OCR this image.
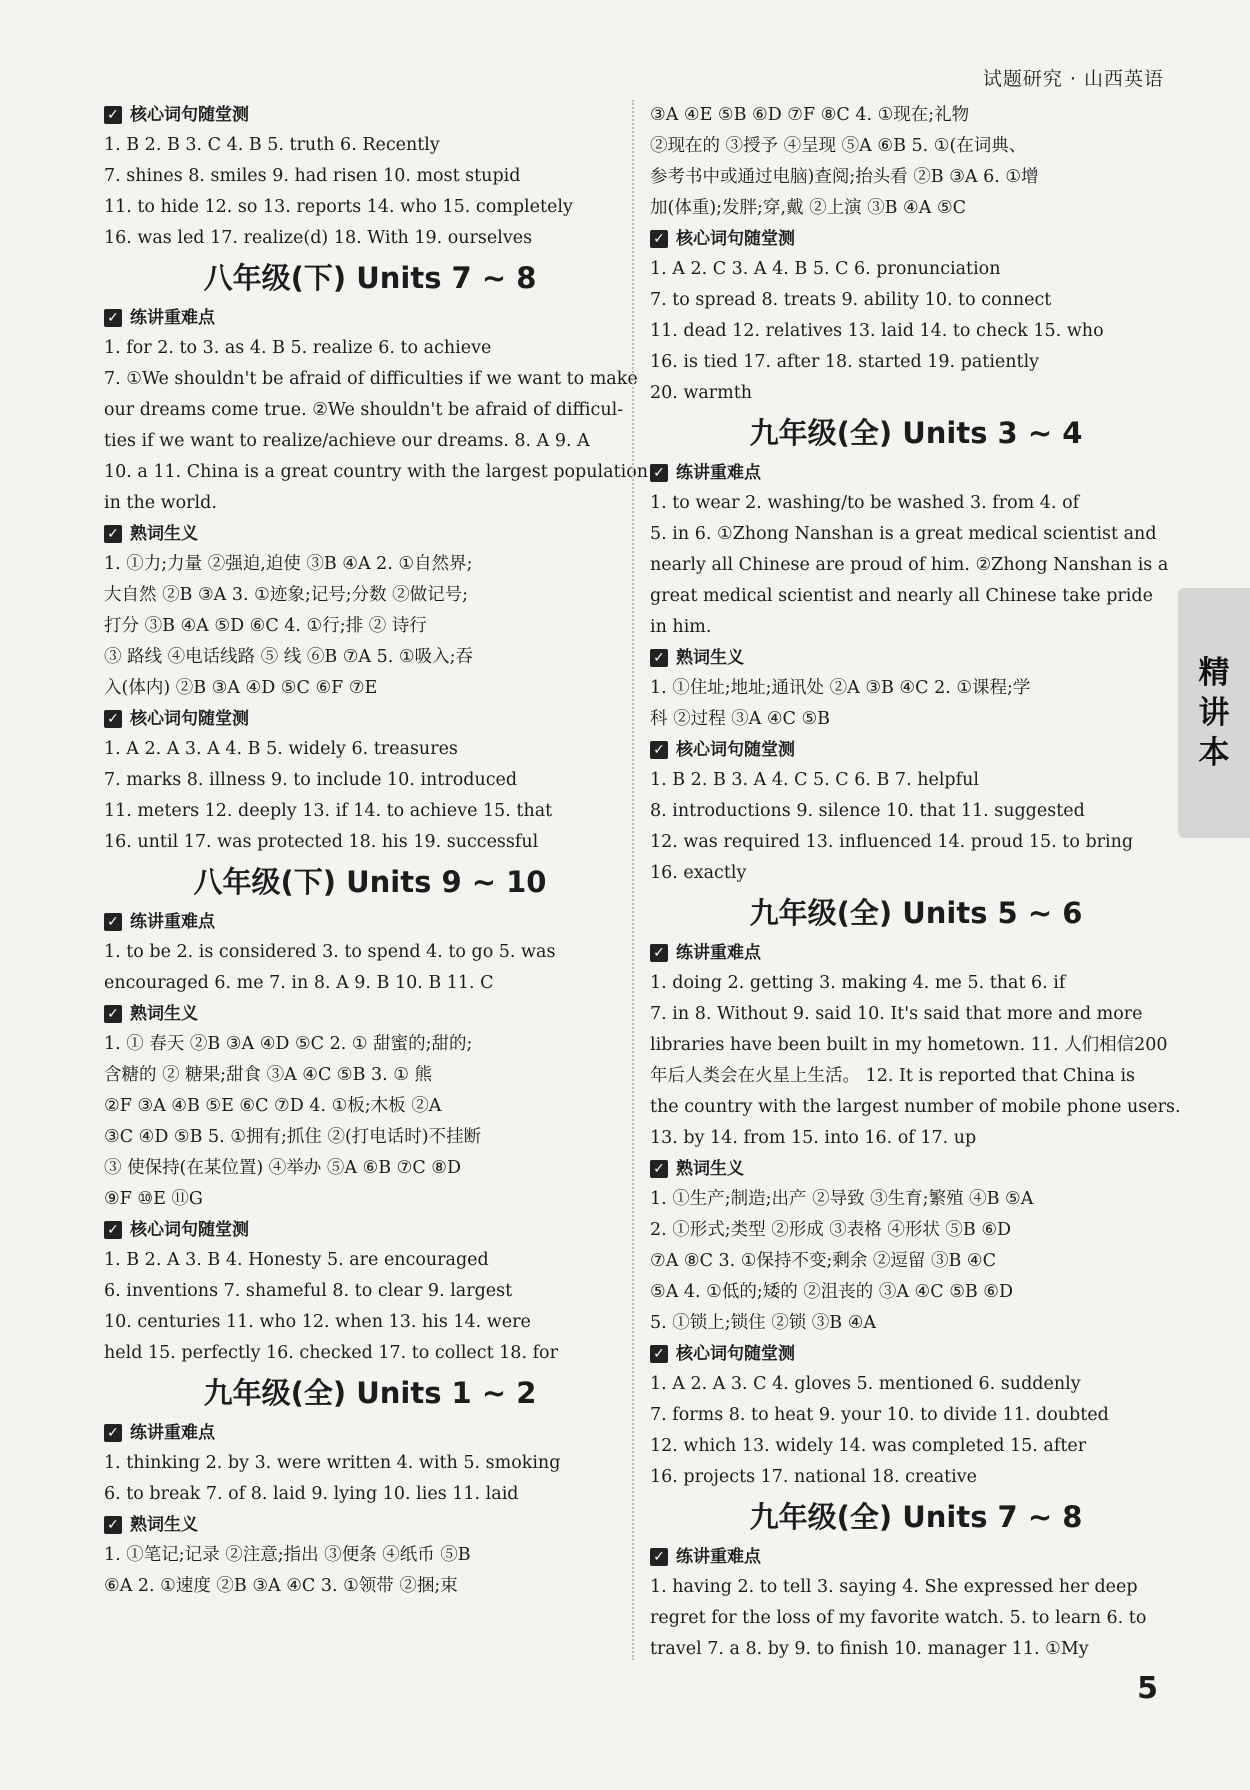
试题研究 · 山西英语
✓ 核心词句随堂测
1. B 2. B 3. C 4. B 5. truth 6. Recently
7. shines 8. smiles 9. had risen 10. most stupid
11. to hide 12. so 13. reports 14. who 15. completely
16. was led 17. realize(d) 18. With 19. ourselves
八年级(下) Units 7 ~ 8
✓ 练讲重难点
1. for 2. to 3. as 4. B 5. realize 6. to achieve
7. ①We shouldn't be afraid of difficulties if we want to make
our dreams come true. ②We shouldn't be afraid of difficul-
ties if we want to realize/achieve our dreams. 8. A 9. A
10. a 11. China is a great country with the largest population
in the world.
✓ 熟词生义
1. ①力;力量 ②强迫,迫使 ③B ④A 2. ①自然界;
大自然 ②B ③A 3. ①迹象;记号;分数 ②做记号;
打分 ③B ④A ⑤D ⑥C 4. ①行;排 ② 诗行
③ 路线 ④电话线路 ⑤ 线 ⑥B ⑦A 5. ①吸入;吞
入(体内) ②B ③A ④D ⑤C ⑥F ⑦E
✓ 核心词句随堂测
1. A 2. A 3. A 4. B 5. widely 6. treasures
7. marks 8. illness 9. to include 10. introduced
11. meters 12. deeply 13. if 14. to achieve 15. that
16. until 17. was protected 18. his 19. successful
八年级(下) Units 9 ~ 10
✓ 练讲重难点
1. to be 2. is considered 3. to spend 4. to go 5. was
encouraged 6. me 7. in 8. A 9. B 10. B 11. C
✓ 熟词生义
1. ① 春天 ②B ③A ④D ⑤C 2. ① 甜蜜的;甜的;
含糖的 ② 糖果;甜食 ③A ④C ⑤B 3. ① 熊
②F ③A ④B ⑤E ⑥C ⑦D 4. ①板;木板 ②A
③C ④D ⑤B 5. ①拥有;抓住 ②(打电话时)不挂断
③ 使保持(在某位置) ④举办 ⑤A ⑥B ⑦C ⑧D
⑨F ⑩E ⑪G
✓ 核心词句随堂测
1. B 2. A 3. B 4. Honesty 5. are encouraged
6. inventions 7. shameful 8. to clear 9. largest
10. centuries 11. who 12. when 13. his 14. were
held 15. perfectly 16. checked 17. to collect 18. for
九年级(全) Units 1 ~ 2
✓ 练讲重难点
1. thinking 2. by 3. were written 4. with 5. smoking
6. to break 7. of 8. laid 9. lying 10. lies 11. laid
✓ 熟词生义
1. ①笔记;记录 ②注意;指出 ③便条 ④纸币 ⑤B
⑥A 2. ①速度 ②B ③A ④C 3. ①领带 ②捆;束
③A ④E ⑤B ⑥D ⑦F ⑧C 4. ①现在;礼物
②现在的 ③授予 ④呈现 ⑤A ⑥B 5. ①(在词典、
参考书中或通过电脑)查阅;抬头看 ②B ③A 6. ①增
加(体重);发胖;穿,戴 ②上演 ③B ④A ⑤C
✓ 核心词句随堂测
1. A 2. C 3. A 4. B 5. C 6. pronunciation
7. to spread 8. treats 9. ability 10. to connect
11. dead 12. relatives 13. laid 14. to check 15. who
16. is tied 17. after 18. started 19. patiently
20. warmth
九年级(全) Units 3 ~ 4
✓ 练讲重难点
1. to wear 2. washing/to be washed 3. from 4. of
5. in 6. ①Zhong Nanshan is a great medical scientist and
nearly all Chinese are proud of him. ②Zhong Nanshan is a
great medical scientist and nearly all Chinese take pride
in him.
✓ 熟词生义
1. ①住址;地址;通讯处 ②A ③B ④C 2. ①课程;学
科 ②过程 ③A ④C ⑤B
✓ 核心词句随堂测
1. B 2. B 3. A 4. C 5. C 6. B 7. helpful
8. introductions 9. silence 10. that 11. suggested
12. was required 13. influenced 14. proud 15. to bring
16. exactly
九年级(全) Units 5 ~ 6
✓ 练讲重难点
1. doing 2. getting 3. making 4. me 5. that 6. if
7. in 8. Without 9. said 10. It's said that more and more
libraries have been built in my hometown. 11. 人们相信200
年后人类会在火星上生活。 12. It is reported that China is
the country with the largest number of mobile phone users.
13. by 14. from 15. into 16. of 17. up
✓ 熟词生义
1. ①生产;制造;出产 ②导致 ③生育;繁殖 ④B ⑤A
2. ①形式;类型 ②形成 ③表格 ④形状 ⑤B ⑥D
⑦A ⑧C 3. ①保持不变;剩余 ②逗留 ③B ④C
⑤A 4. ①低的;矮的 ②沮丧的 ③A ④C ⑤B ⑥D
5. ①锁上;锁住 ②锁 ③B ④A
✓ 核心词句随堂测
1. A 2. A 3. C 4. gloves 5. mentioned 6. suddenly
7. forms 8. to heat 9. your 10. to divide 11. doubted
12. which 13. widely 14. was completed 15. after
16. projects 17. national 18. creative
九年级(全) Units 7 ~ 8
✓ 练讲重难点
1. having 2. to tell 3. saying 4. She expressed her deep
regret for the loss of my favorite watch. 5. to learn 6. to
travel 7. a 8. by 9. to finish 10. manager 11. ①My
精
讲
本
5
